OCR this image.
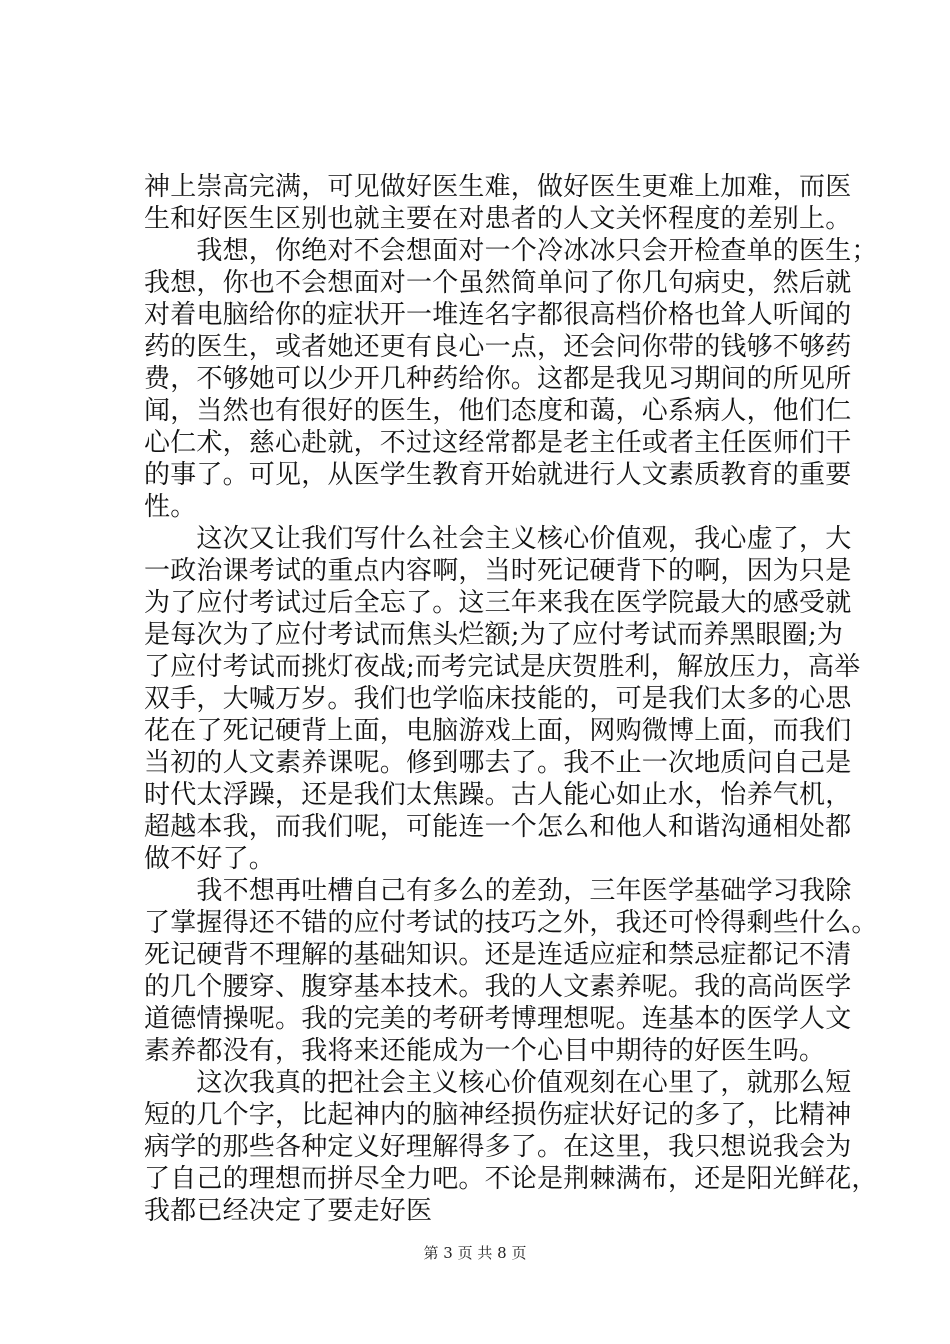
神上崇高完满，可见做好医生难，做好医生更难上加难，而医
生和好医生区别也就主要在对患者的人文关怀程度的差别上。
　　我想，你绝对不会想面对一个冷冰冰只会开检查单的医生；
我想，你也不会想面对一个虽然简单问了你几句病史，然后就
对着电脑给你的症状开一堆连名字都很高档价格也耸人听闻的
药的医生，或者她还更有良心一点，还会问你带的钱够不够药
费，不够她可以少开几种药给你。这都是我见习期间的所见所
闻，当然也有很好的医生，他们态度和蔼，心系病人，他们仁
心仁术，慈心赴就，不过这经常都是老主任或者主任医师们干
的事了。可见，从医学生教育开始就进行人文素质教育的重要
性。
　　这次又让我们写什么社会主义核心价值观，我心虚了，大
一政治课考试的重点内容啊，当时死记硬背下的啊，因为只是
为了应付考试过后全忘了。这三年来我在医学院最大的感受就
是每次为了应付考试而焦头烂额;为了应付考试而养黑眼圈;为
了应付考试而挑灯夜战;而考完试是庆贺胜利，解放压力，高举
双手，大喊万岁。我们也学临床技能的，可是我们太多的心思
花在了死记硬背上面，电脑游戏上面，网购微博上面，而我们
当初的人文素养课呢。修到哪去了。我不止一次地质问自己是
时代太浮躁，还是我们太焦躁。古人能心如止水，怡养气机，
超越本我，而我们呢，可能连一个怎么和他人和谐沟通相处都
做不好了。
　　我不想再吐槽自己有多么的差劲，三年医学基础学习我除
了掌握得还不错的应付考试的技巧之外，我还可怜得剩些什么。
死记硬背不理解的基础知识。还是连适应症和禁忌症都记不清
的几个腰穿、腹穿基本技术。我的人文素养呢。我的高尚医学
道德情操呢。我的完美的考研考博理想呢。连基本的医学人文
素养都没有，我将来还能成为一个心目中期待的好医生吗。
　　这次我真的把社会主义核心价值观刻在心里了，就那么短
短的几个字，比起神内的脑神经损伤症状好记的多了，比精神
病学的那些各种定义好理解得多了。在这里，我只想说我会为
了自己的理想而拼尽全力吧。不论是荆棘满布，还是阳光鲜花，
我都已经决定了要走好医
第 3 页 共 8 页
